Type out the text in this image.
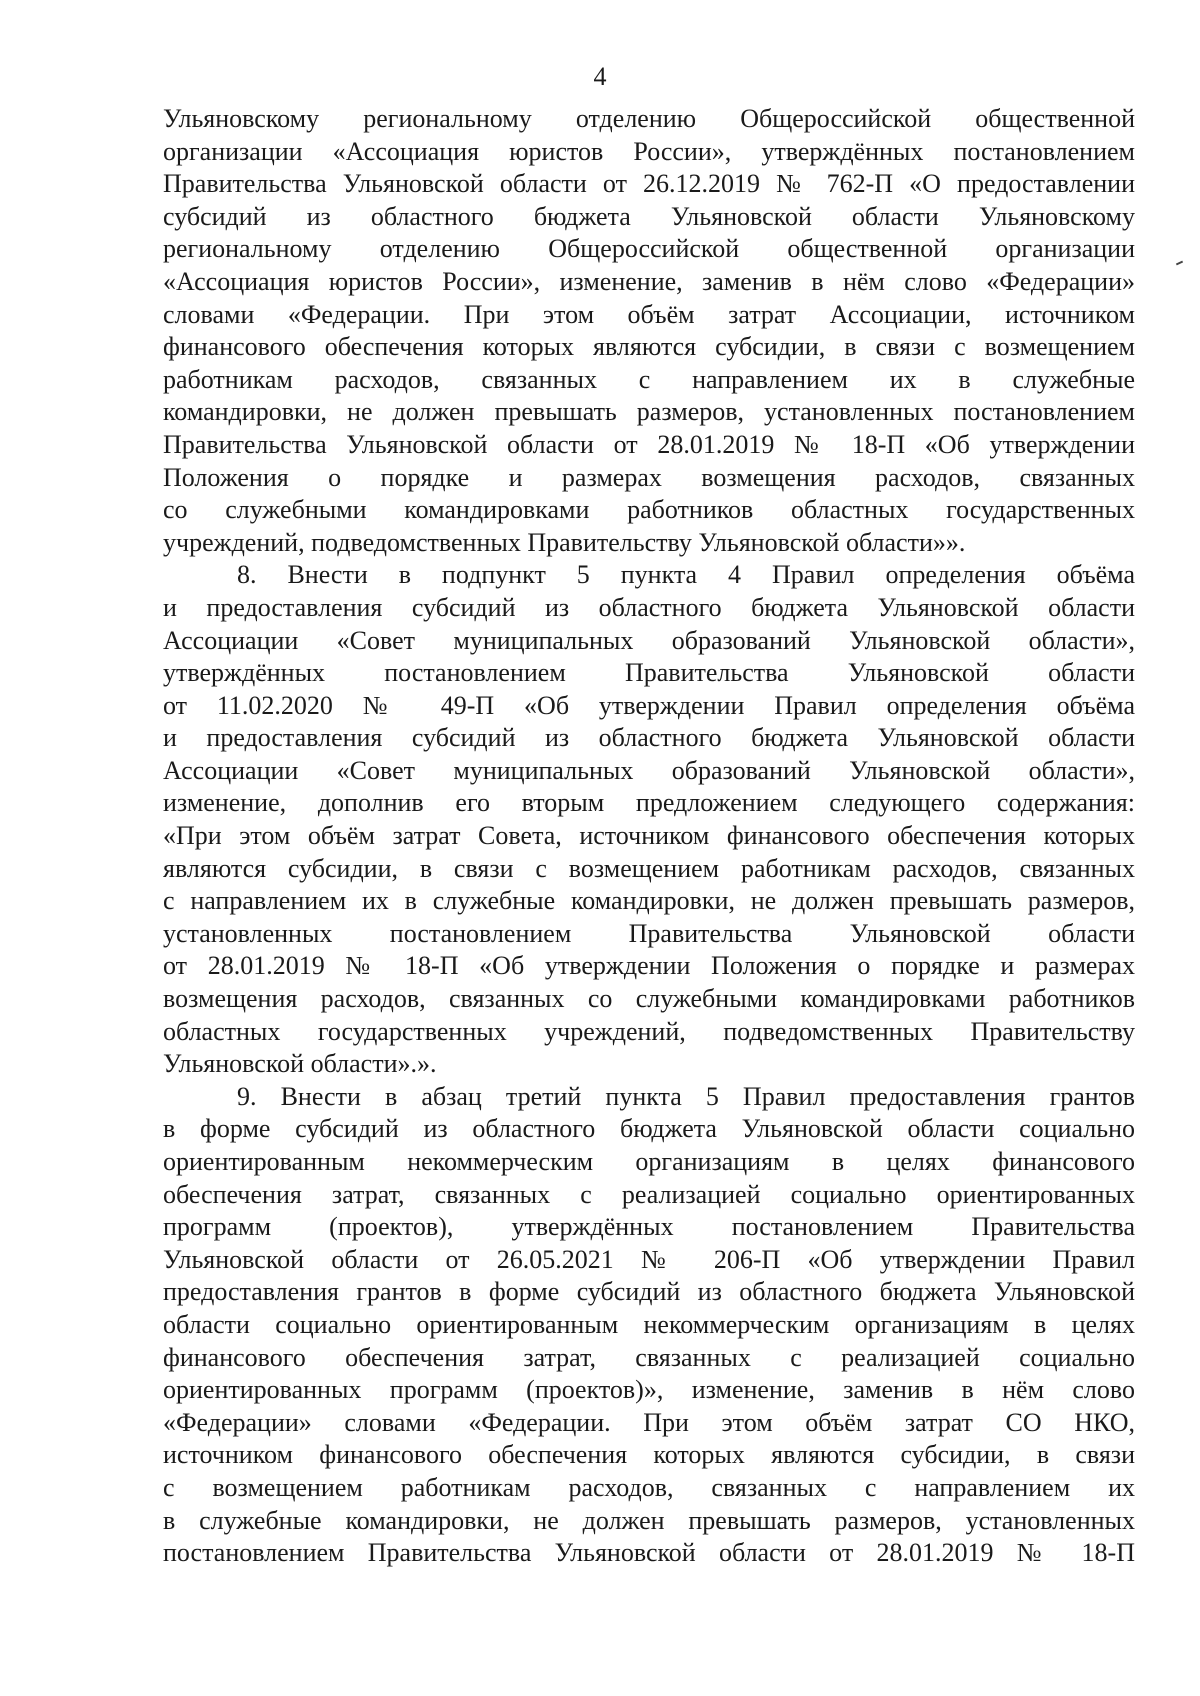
4
Ульяновскому региональному отделению Общероссийской общественной
организации «Ассоциация юристов России», утверждённых постановлением
Правительства Ульяновской области от 26.12.2019 № 762-П «О предоставлении
субсидий из областного бюджета Ульяновской области Ульяновскому
региональному отделению Общероссийской общественной организации
«Ассоциация юристов России», изменение, заменив в нём слово «Федерации»
словами «Федерации. При этом объём затрат Ассоциации, источником
финансового обеспечения которых являются субсидии, в связи с возмещением
работникам расходов, связанных с направлением их в служебные
командировки, не должен превышать размеров, установленных постановлением
Правительства Ульяновской области от 28.01.2019 № 18-П «Об утверждении
Положения о порядке и размерах возмещения расходов, связанных
со служебными командировками работников областных государственных
учреждений, подведомственных Правительству Ульяновской области»».
8. Внести в подпункт 5 пункта 4 Правил определения объёма
и предоставления субсидий из областного бюджета Ульяновской области
Ассоциации «Совет муниципальных образований Ульяновской области»,
утверждённых постановлением Правительства Ульяновской области
от 11.02.2020 № 49-П «Об утверждении Правил определения объёма
и предоставления субсидий из областного бюджета Ульяновской области
Ассоциации «Совет муниципальных образований Ульяновской области»,
изменение, дополнив его вторым предложением следующего содержания:
«При этом объём затрат Совета, источником финансового обеспечения которых
являются субсидии, в связи с возмещением работникам расходов, связанных
с направлением их в служебные командировки, не должен превышать размеров,
установленных постановлением Правительства Ульяновской области
от 28.01.2019 № 18-П «Об утверждении Положения о порядке и размерах
возмещения расходов, связанных со служебными командировками работников
областных государственных учреждений, подведомственных Правительству
Ульяновской области».».
9. Внести в абзац третий пункта 5 Правил предоставления грантов
в форме субсидий из областного бюджета Ульяновской области социально
ориентированным некоммерческим организациям в целях финансового
обеспечения затрат, связанных с реализацией социально ориентированных
программ (проектов), утверждённых постановлением Правительства
Ульяновской области от 26.05.2021 № 206-П «Об утверждении Правил
предоставления грантов в форме субсидий из областного бюджета Ульяновской
области социально ориентированным некоммерческим организациям в целях
финансового обеспечения затрат, связанных с реализацией социально
ориентированных программ (проектов)», изменение, заменив в нём слово
«Федерации» словами «Федерации. При этом объём затрат СО НКО,
источником финансового обеспечения которых являются субсидии, в связи
с возмещением работникам расходов, связанных с направлением их
в служебные командировки, не должен превышать размеров, установленных
постановлением Правительства Ульяновской области от 28.01.2019 № 18-П
